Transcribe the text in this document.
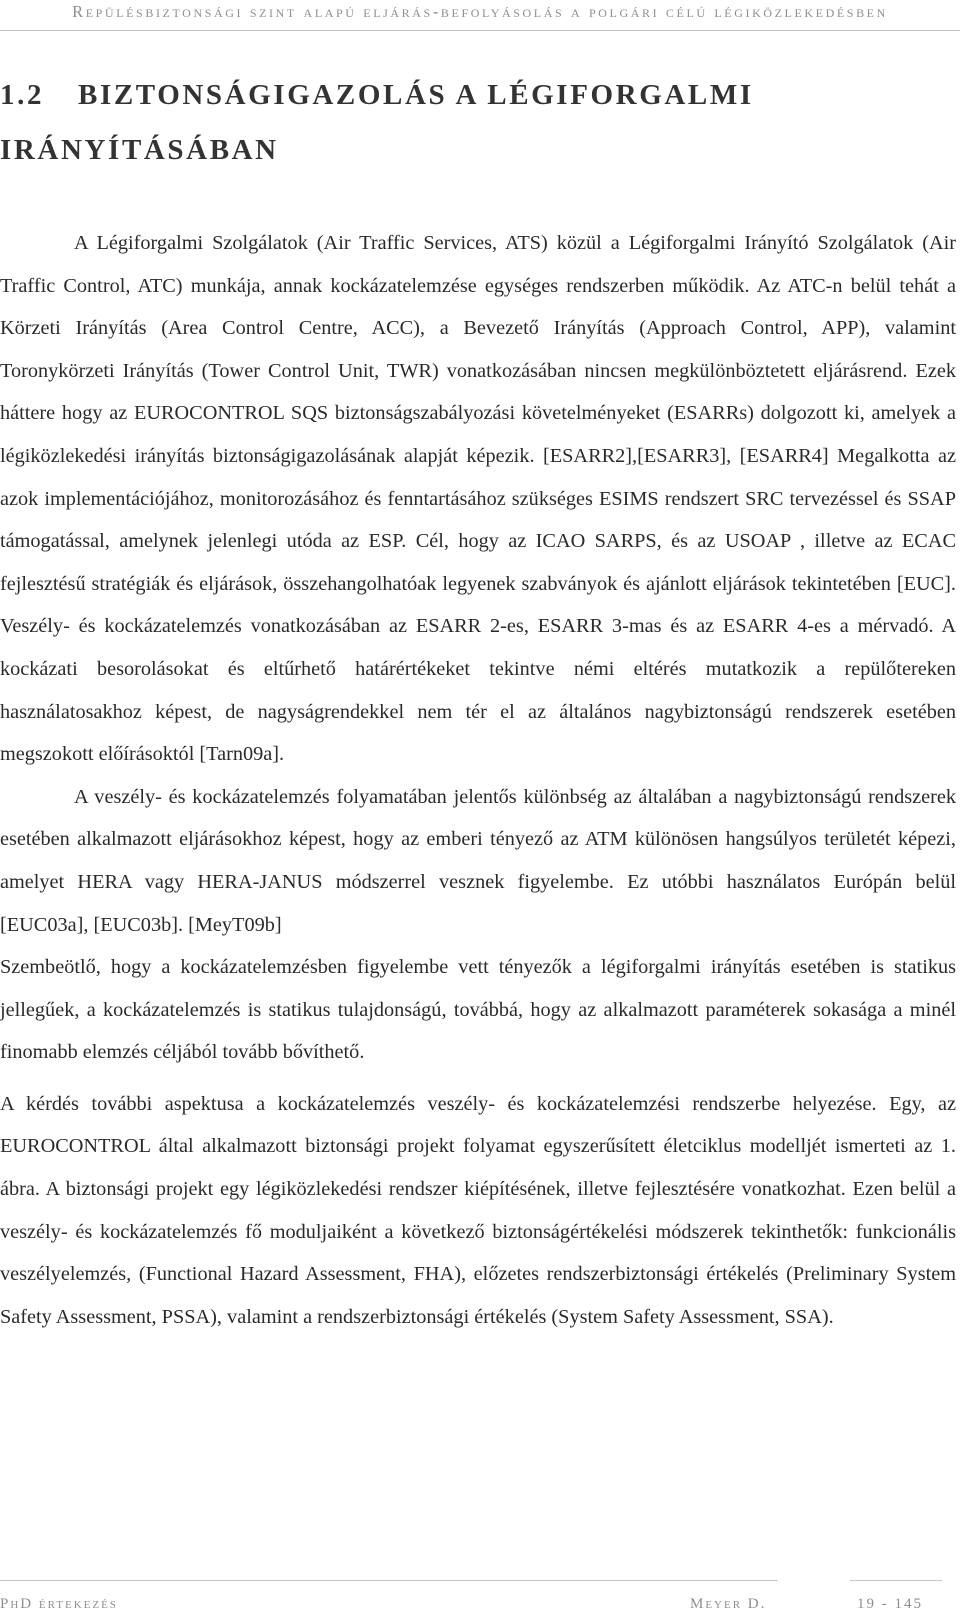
Repülésbiztonsági szint alapú eljárás-befolyásolás a polgári célú légiközlekedésben
1.2 BIZTONSÁGIGAZOLÁS A LÉGIFORGALMI
IRÁNYÍTÁSÁBAN

A Légiforgalmi Szolgálatok (Air Traffic Services, ATS) közül a Légiforgalmi Irányító Szolgálatok (Air Traffic Control, ATC) munkája, annak kockázatelemzése egységes rendszerben működik. Az ATC-n belül tehát a Körzeti Irányítás (Area Control Centre, ACC), a Bevezető Irányítás (Approach Control, APP), valamint Toronykörzeti Irányítás (Tower Control Unit, TWR) vonatkozásában nincsen megkülönböztetett eljárásrend. Ezek háttere hogy az EUROCONTROL SQS biztonságszabályozási követelményeket (ESARRs) dolgozott ki, amelyek a légiközlekedési irányítás biztonságigazolásának alapját képezik. [ESARR2],[ESARR3], [ESARR4] Megalkotta az azok implementációjához, monitorozásához és fenntartásához szükséges ESIMS rendszert SRC tervezéssel és SSAP támogatással, amelynek jelenlegi utóda az ESP. Cél, hogy az ICAO SARPS, és az USOAP , illetve az ECAC fejlesztésű stratégiák és eljárások, összehangolhatóak legyenek szabványok és ajánlott eljárások tekintetében [EUC]. Veszély- és kockázatelemzés vonatkozásában az ESARR 2-es, ESARR 3-mas és az ESARR 4-es a mérvadó. A kockázati besorolásokat és eltűrhető határértékeket tekintve némi eltérés mutatkozik a repülőtereken használatosakhoz képest, de nagyságrendekkel nem tér el az általános nagybiztonságú rendszerek esetében megszokott előírásoktól [Tarn09a].

A veszély- és kockázatelemzés folyamatában jelentős különbség az általában a nagybiztonságú rendszerek esetében alkalmazott eljárásokhoz képest, hogy az emberi tényező az ATM különösen hangsúlyos területét képezi, amelyet HERA vagy HERA-JANUS módszerrel vesznek figyelembe. Ez utóbbi használatos Európán belül [EUC03a], [EUC03b]. [MeyT09b]

Szembeötlő, hogy a kockázatelemzésben figyelembe vett tényezők a légiforgalmi irányítás esetében is statikus jellegűek, a kockázatelemzés is statikus tulajdonságú, továbbá, hogy az alkalmazott paraméterek sokasága a minél finomabb elemzés céljából tovább bővíthető.

A kérdés további aspektusa a kockázatelemzés veszély- és kockázatelemzési rendszerbe helyezése. Egy, az EUROCONTROL által alkalmazott biztonsági projekt folyamat egyszerűsített életciklus modelljét ismerteti az 1. ábra. A biztonsági projekt egy légiközlekedési rendszer kiépítésének, illetve fejlesztésére vonatkozhat. Ezen belül a veszély- és kockázatelemzés fő moduljaiként a következő biztonságértékelési módszerek tekinthetők: funkcionális veszélyelemzés, (Functional Hazard Assessment, FHA), előzetes rendszerbiztonsági értékelés (Preliminary System Safety Assessment, PSSA), valamint a rendszerbiztonsági értékelés (System Safety Assessment, SSA).

PhD értekezés	Meyer D.	19 - 145
